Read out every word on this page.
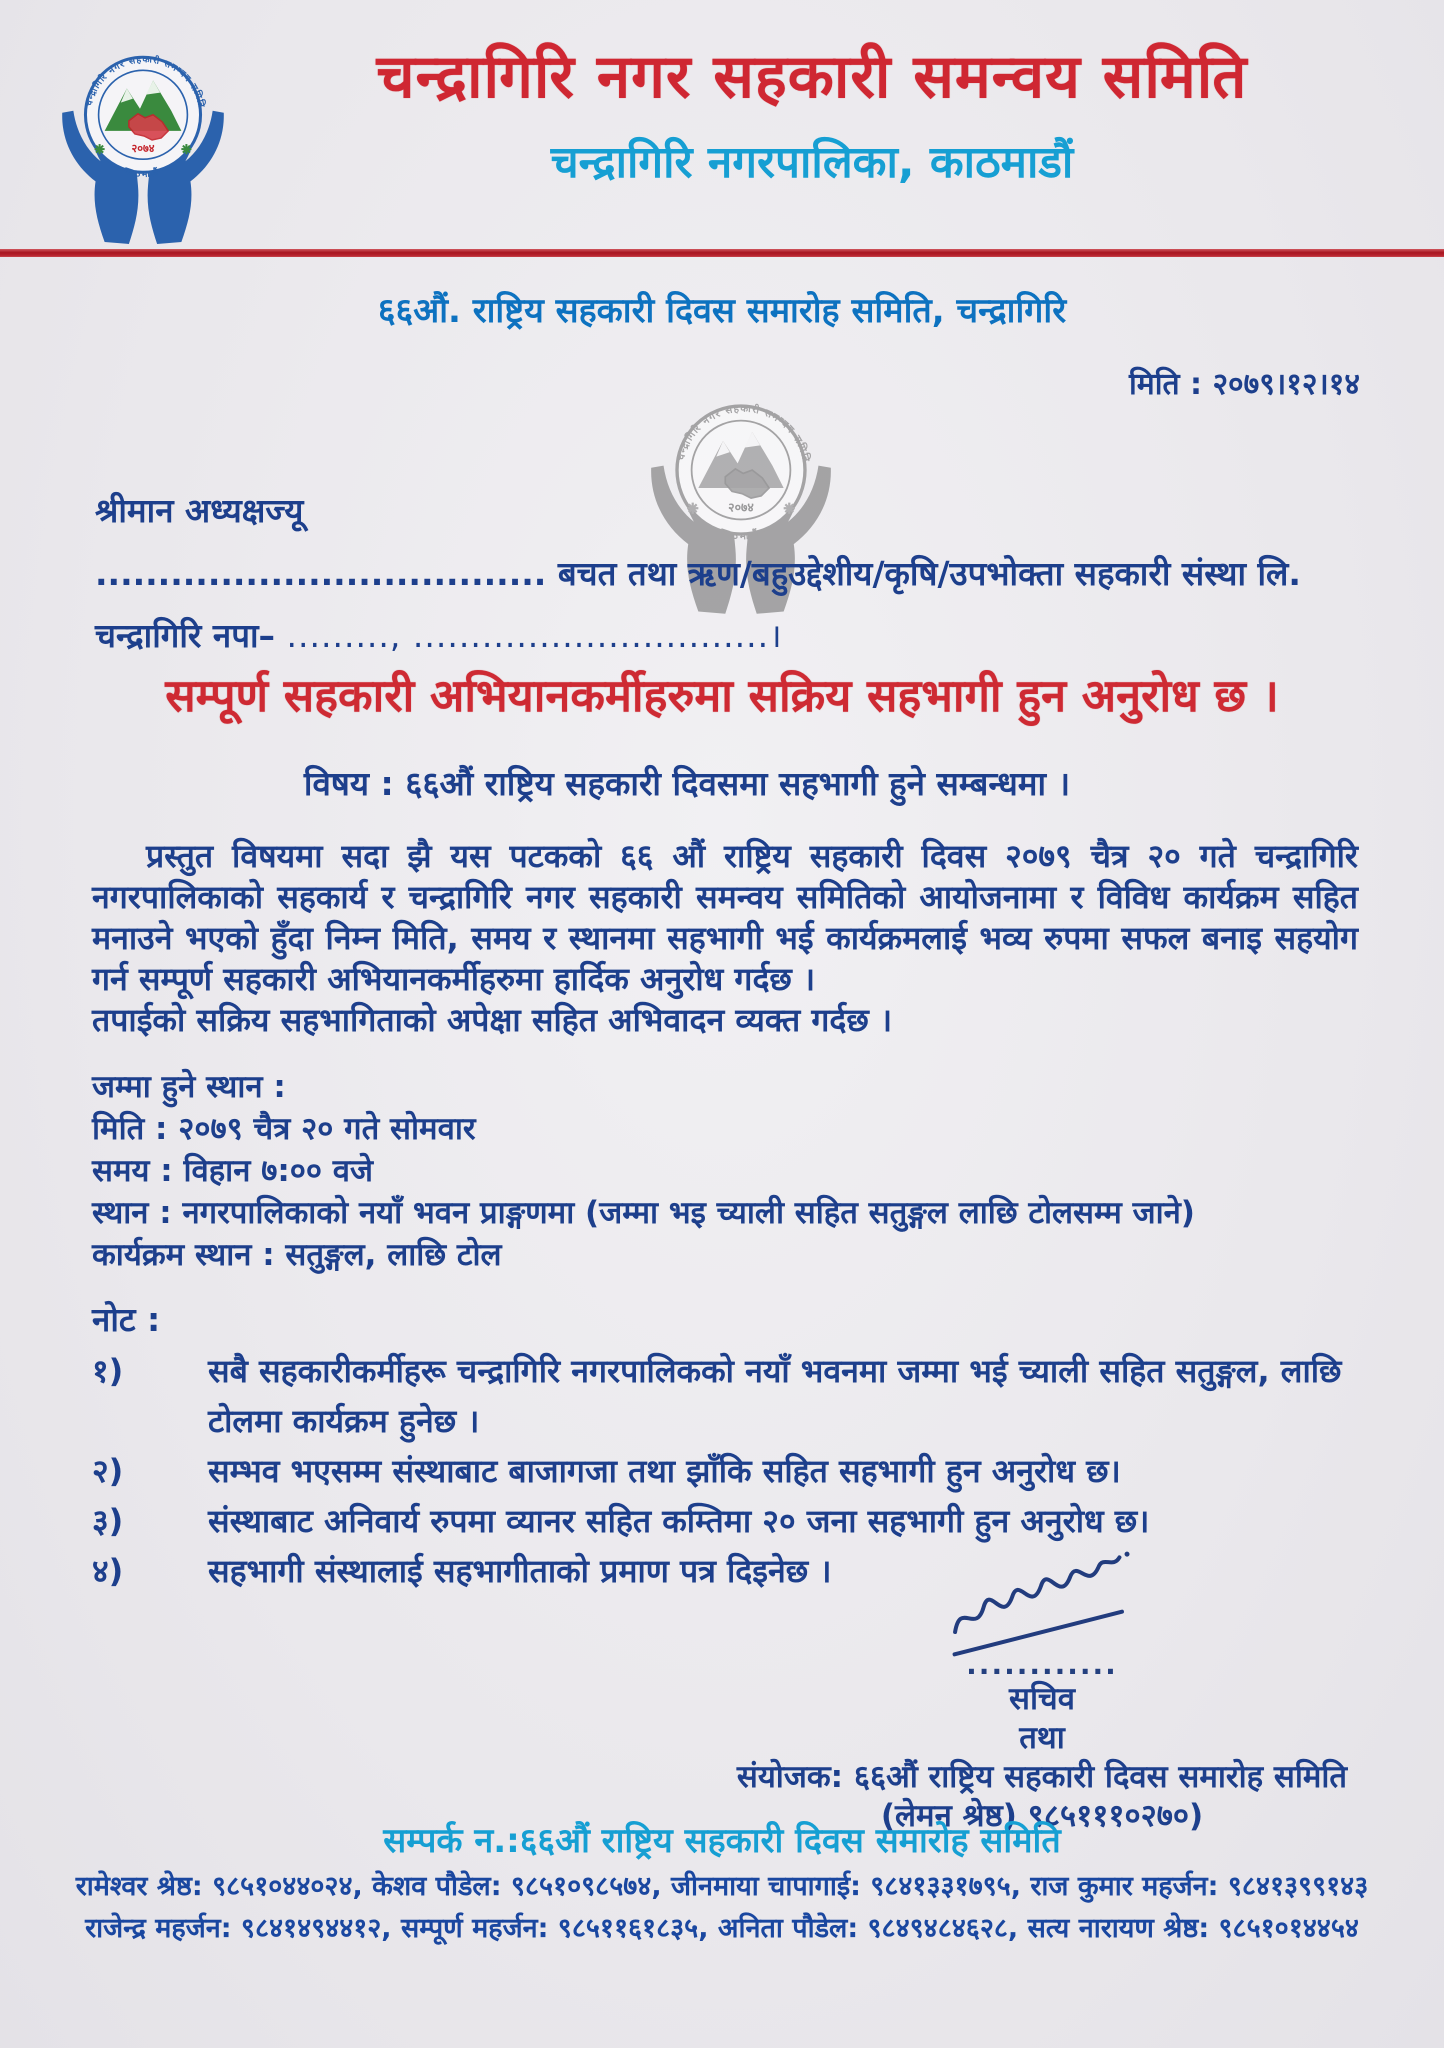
चन्द्रागिरि नगर सहकारी समन्वय समिति
चन्द्रागिरि नगरपालिका, काठमाडौं
६६औं. राष्ट्रिय सहकारी दिवस समारोह समिति, चन्द्रागिरि
मिति : २०७९।१२।१४
श्रीमान अध्यक्षज्यू
.................................... बचत तथा ऋण/बहुउद्देशीय/कृषि/उपभोक्ता सहकारी संस्था लि.
चन्द्रागिरि नपा– ........., ...............................।
सम्पूर्ण सहकारी अभियानकर्मीहरुमा सक्रिय सहभागी हुन अनुरोध छ ।
विषय : ६६औं राष्ट्रिय सहकारी दिवसमा सहभागी हुने सम्बन्धमा ।

प्रस्तुत विषयमा सदा झै यस पटकको ६६ औं राष्ट्रिय सहकारी दिवस २०७९ चैत्र २० गते चन्द्रागिरि नगरपालिकाको सहकार्य र चन्द्रागिरि नगर सहकारी समन्वय समितिको आयोजनामा र विविध कार्यक्रम सहित मनाउने भएको हुँदा निम्न मिति, समय र स्थानमा सहभागी भई कार्यक्रमलाई भव्य रुपमा सफल बनाइ सहयोग गर्न सम्पूर्ण सहकारी अभियानकर्मीहरुमा हार्दिक अनुरोध गर्दछ ।

तपाईको सक्रिय सहभागिताको अपेक्षा सहित अभिवादन व्यक्त गर्दछ ।

जम्मा हुने स्थान :
मिति : २०७९ चैत्र २० गते सोमवार
समय : विहान ७:०० वजे
स्थान : नगरपालिकाको नयाँ भवन प्राङ्गणमा (जम्मा भइ च्याली सहित सतुङ्गल लाछि टोलसम्म जाने)
कार्यक्रम स्थान : सतुङ्गल, लाछि टोल
नोट :
१)	सबै सहकारीकर्मीहरू चन्द्रागिरि नगरपालिकको नयाँ भवनमा जम्मा भई च्याली सहित सतुङ्गल, लाछि टोलमा कार्यक्रम हुनेछ ।
२)	सम्भव भएसम्म संस्थाबाट बाजागजा तथा झाँकि सहित सहभागी हुन अनुरोध छ।
३)	संस्थाबाट अनिवार्य रुपमा व्यानर सहित कम्तिमा २० जना सहभागी हुन अनुरोध छ।
४)	सहभागी संस्थालाई सहभागीताको प्रमाण पत्र दिइनेछ ।
............
सचिव
तथा
संयोजक: ६६औं राष्ट्रिय सहकारी दिवस समारोह समिति
(लेमन श्रेष्ठ) ९८५१११०२७०)
सम्पर्क न.:६६औं राष्ट्रिय सहकारी दिवस समारोह समिति
रामेश्वर श्रेष्ठ: ९८५१०४४०२४, केशव पौडेल: ९८५१०९८५७४, जीनमाया चापागाई: ९८४१३३१७९५, राज कुमार महर्जन: ९८४१३९९१४३
राजेन्द्र महर्जन: ९८४१४९४४१२, सम्पूर्ण महर्जन: ९८५११६१८३५, अनिता पौडेल: ९८४९४८४६२८, सत्य नारायण श्रेष्ठ: ९८५१०१४४५४
